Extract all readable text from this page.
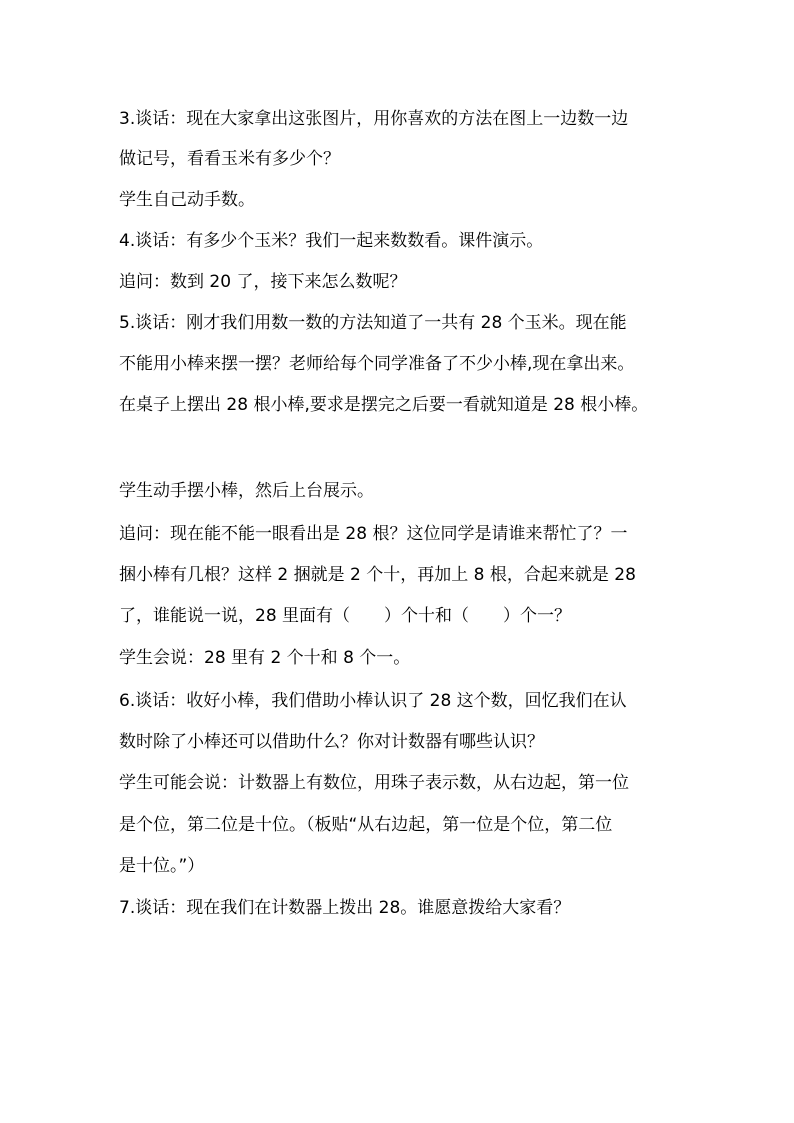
3.谈话：现在大家拿出这张图片，用你喜欢的方法在图上一边数一边
做记号，看看玉米有多少个？
学生自己动手数。
4.谈话：有多少个玉米？我们一起来数数看。课件演示。
追问：数到 20 了，接下来怎么数呢？
5.谈话：刚才我们用数一数的方法知道了一共有 28 个玉米。现在能
不能用小棒来摆一摆？老师给每个同学准备了不少小棒,现在拿出来。
在桌子上摆出 28 根小棒,要求是摆完之后要一看就知道是 28 根小棒。
学生动手摆小棒，然后上台展示。
追问：现在能不能一眼看出是 28 根？这位同学是请谁来帮忙了？一
捆小棒有几根？这样 2 捆就是 2 个十，再加上 8 根，合起来就是 28
了，谁能说一说，28 里面有（　　）个十和（　　）个一？
学生会说：28 里有 2 个十和 8 个一。
6.谈话：收好小棒，我们借助小棒认识了 28 这个数，回忆我们在认
数时除了小棒还可以借助什么？你对计数器有哪些认识？
学生可能会说：计数器上有数位，用珠子表示数，从右边起，第一位
是个位，第二位是十位。（板贴“从右边起，第一位是个位，第二位
是十位。”）
7.谈话：现在我们在计数器上拨出 28。谁愿意拨给大家看？
